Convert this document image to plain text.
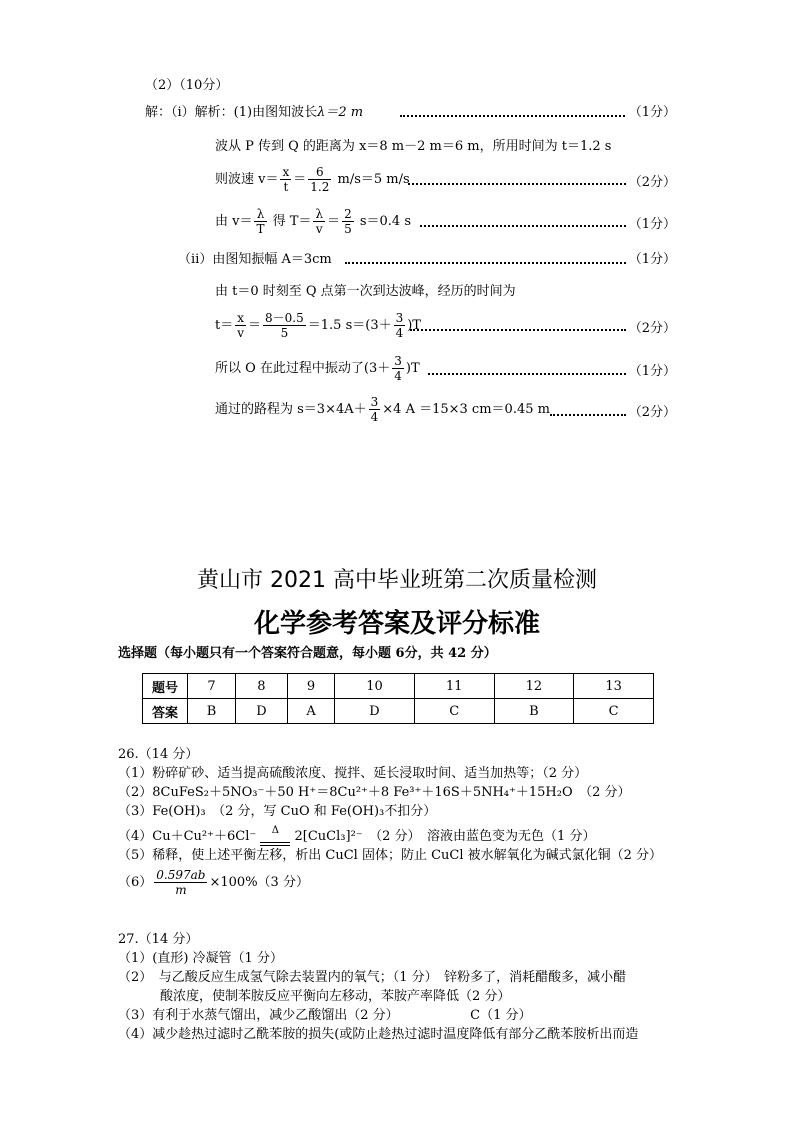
（2）（10分）
解：（ⅰ）解析：(1)由图知波长λ＝2 m	（1分）
波从 P 传到 Q 的距离为 x＝8 m－2 m＝6 m，所用时间为 t＝1.2 s
则波速 $v= \frac{x}{t} = \frac{6}{1.2} m/s=5$ m/s	（2分）
由 $v= \frac{\lambda}{T}$ 得 $T= \frac{\lambda}{v} = \frac{2}{5} s=0.4$ s	（1分）
（ⅱ）由图知振幅 A＝3cm	（1分）
由 t＝0 时刻至 Q 点第一次到达波峰，经历的时间为
$t= \frac{x}{v} = \frac{8-0.5}{5} =1.5$ $s=(3+ \frac{3}{4} )T$	（2分）
所以 O 在此过程中振动了$(3+ \frac{3}{4} )T$	（1分）
通过的路程为 $s=3\times 4A+ \frac{3}{4} \times 4$ A ＝15×3 cm＝0.45 m	（2分）
黄山市 2021 高中毕业班第二次质量检测
化学参考答案及评分标准
选择题（每小题只有一个答案符合题意，每小题 6分，共 42 分）
题号	7	8	9	10	11	12	13
答案	B	D	A	D	C	B	C
26.（14 分）
（1）粉碎矿砂、适当提高硫酸浓度、搅拌、延长浸取时间、适当加热等；（2 分）
（2）8CuFeS₂＋5NO₃⁻＋50 H⁺＝8Cu²⁺＋8 Fe³⁺＋16S＋5NH₄⁺＋15H₂O　（2 分）
（3）Fe(OH)₃　（2 分，写 CuO 和 Fe(OH)₃不扣分）
（4）Cu＋Cu²⁺＋6Cl⁻	Δ	2[CuCl₃]²⁻　（2 分）　溶液由蓝色变为无色（1 分）
（5）稀释，使上述平衡左移，析出 CuCl 固体；防止 CuCl 被水解氧化为碱式氯化铜（2 分）
$(6) \frac{0.597ab}{m} \times 100\%(3$ 分）
27.（14 分）
（1）(直形) 冷凝管（1 分）
（2）　与乙酸反应生成氢气除去装置内的氧气；（1 分）　锌粉多了，消耗醋酸多，减小醋
酸浓度，使制苯胺反应平衡向左移动，苯胺产率降低（2 分）
（3）有利于水蒸气馏出，减少乙酸馏出（2 分）　　　　　　C（1 分）
（4）减少趁热过滤时乙酰苯胺的损失(或防止趁热过滤时温度降低有部分乙酰苯胺析出而造
